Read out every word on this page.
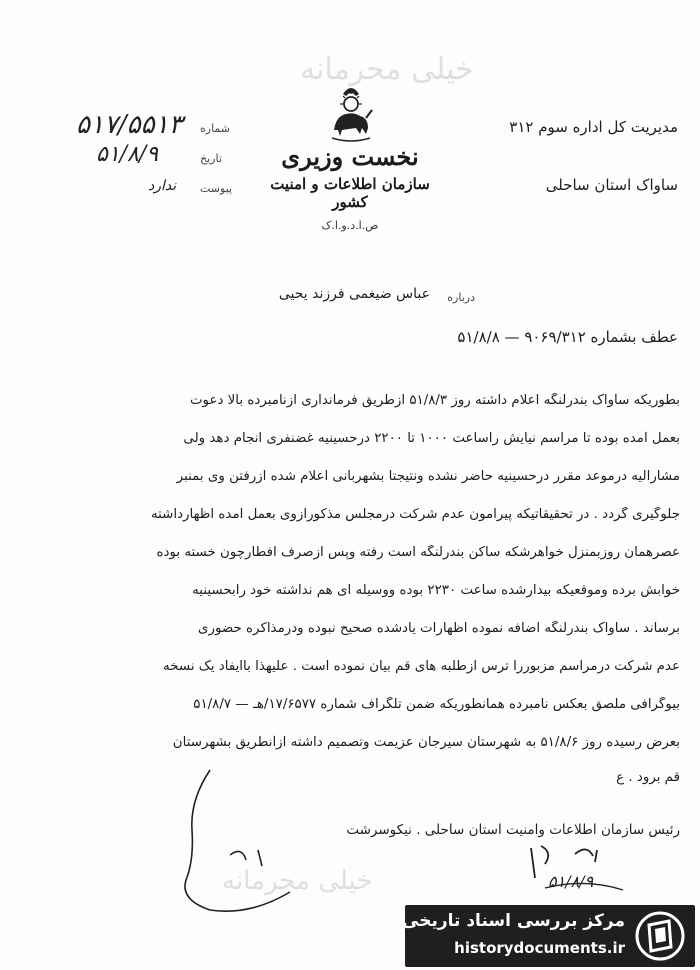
خیلی محرمانه
نخست وزیری
سازمان اطلاعات و امنیت کشور
ص.ا.د.و.ا.ک
شماره
۵۱۷/۵۵۱۳
تاریخ
۵۱/۸/۹
پیوست
ندارد
مدیریت کل اداره سوم ۳۱۲
ساواک استان ساحلی
درباره
عباس ضیغمی فرزند یحیی
عطف بشماره ۹۰۶۹/۳۱۲ — ۵۱/۸/۸
بطوریکه ساواک بندرلنگه اعلام داشته روز ۵۱/۸/۳ ازطریق فرمانداری ازنامبرده بالا دعوت
بعمل آمده بوده تا مراسم نیایش راساعت ۱۰۰۰ تا ۲۲۰۰ درحسینیه غضنفری انجام دهد ولی
مشارالیه درموعد مقرر درحسینیه حاضر نشده ونتیجتاً بشهربانی اعلام شده ازرفتن وی بمنبر
جلوگیری گردد . در تحقیقاتیکه پیرامون عدم شرکت درمجلس مذکورازوی بعمل آمده اظهارداشته
عصرهمان روزبمنزل خواهرشکه ساکن بندرلنگه است رفته وپس ازصرف افطارچون خسته بوده
خوابش برده وموقعیکه بیدارشده ساعت ۲۲۳۰ بوده ووسیله ای هم نداشته خود رابحسینیه
برساند . ساواک بندرلنگه اضافه نموده اظهارات یادشده صحیح نبوده ودرمذاکره حضوری
عدم شرکت درمراسم مزبوررا ترس ازطلبه های قم بیان نموده است . علیهذا باایفاد یک نسخه
بیوگرافی ملصق بعکس نامبرده همانطوریکه ضمن تلگراف شماره ۱۷/۶۵۷۷/هـ — ۵۱/۸/۷
بعرض رسیده روز ۵۱/۸/۶ به شهرستان سیرجان عزیمت وتصمیم داشته ازآنطریق بشهرستان
قم برود . ع
رئیس سازمان اطلاعات وامنیت استان ساحلی . نیکوسرشت
۵۱/۸/۹
خیلی محرمانه
مرکز بررسی اسناد تاریخی
historydocuments.ir
